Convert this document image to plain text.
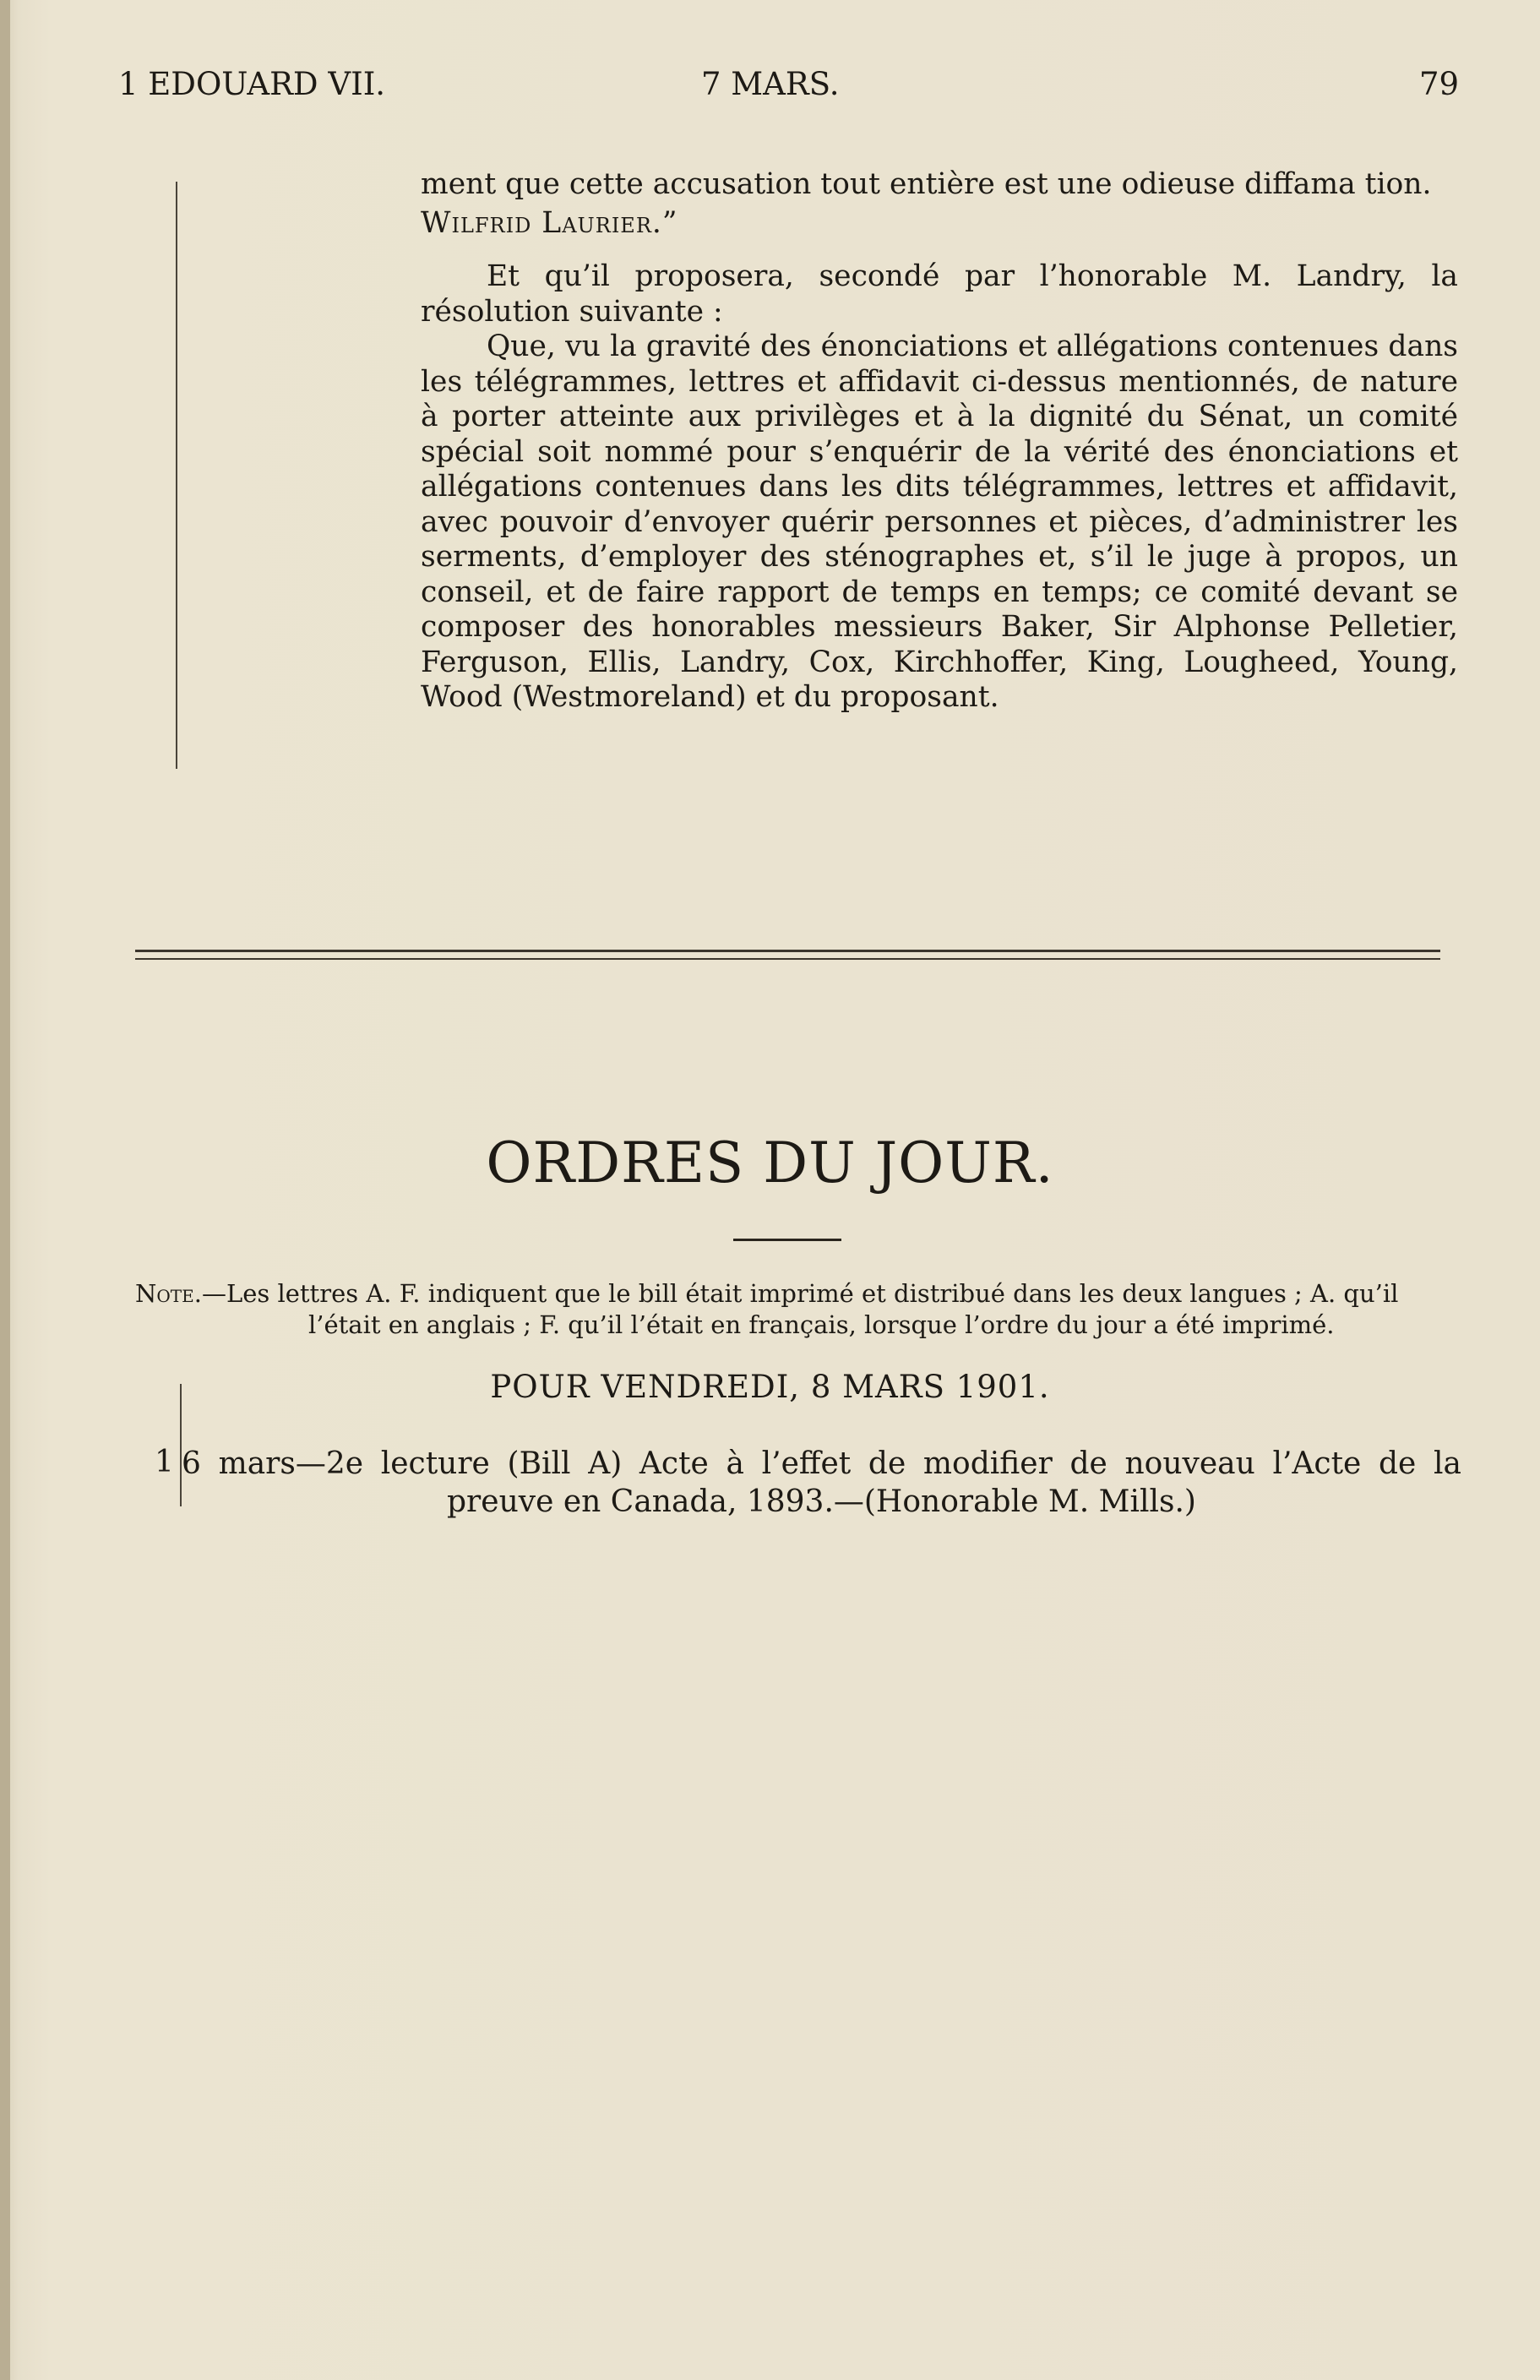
1 EDOUARD VII.	7 MARS.	79

ment que cette accusation tout entière est une odieuse diffama tion.

Wilfrid Laurier.”

Et qu’il proposera, secondé par l’honorable M. Landry, la résolution suivante :

Que, vu la gravité des énonciations et allégations contenues dans les télégrammes, lettres et affidavit ci-dessus mentionnés, de nature à porter atteinte aux privilèges et à la dignité du Sénat, un comité spécial soit nommé pour s’enquérir de la vérité des énonciations et allégations contenues dans les dits télégrammes, lettres et affidavit, avec pouvoir d’envoyer quérir personnes et pièces, d’administrer les serments, d’employer des sténographes et, s’il le juge à propos, un conseil, et de faire rapport de temps en temps; ce comité devant se composer des honorables messieurs Baker, Sir Alphonse Pelletier, Ferguson, Ellis, Landry, Cox, Kirchhoffer, King, Lougheed, Young, Wood (Westmoreland) et du proposant.

ORDRES DU JOUR.
Note.—Les lettres A. F. indiquent que le bill était imprimé et distribué dans les deux langues ; A. qu’il
l’était en anglais ; F. qu’il l’était en français, lorsque l’ordre du jour a été imprimé.
POUR VENDREDI, 8 MARS 1901.
1 6 mars—2e lecture (Bill A) Acte à l’effet de modifier de nouveau l’Acte de la
preuve en Canada, 1893.—(Honorable M. Mills.)
